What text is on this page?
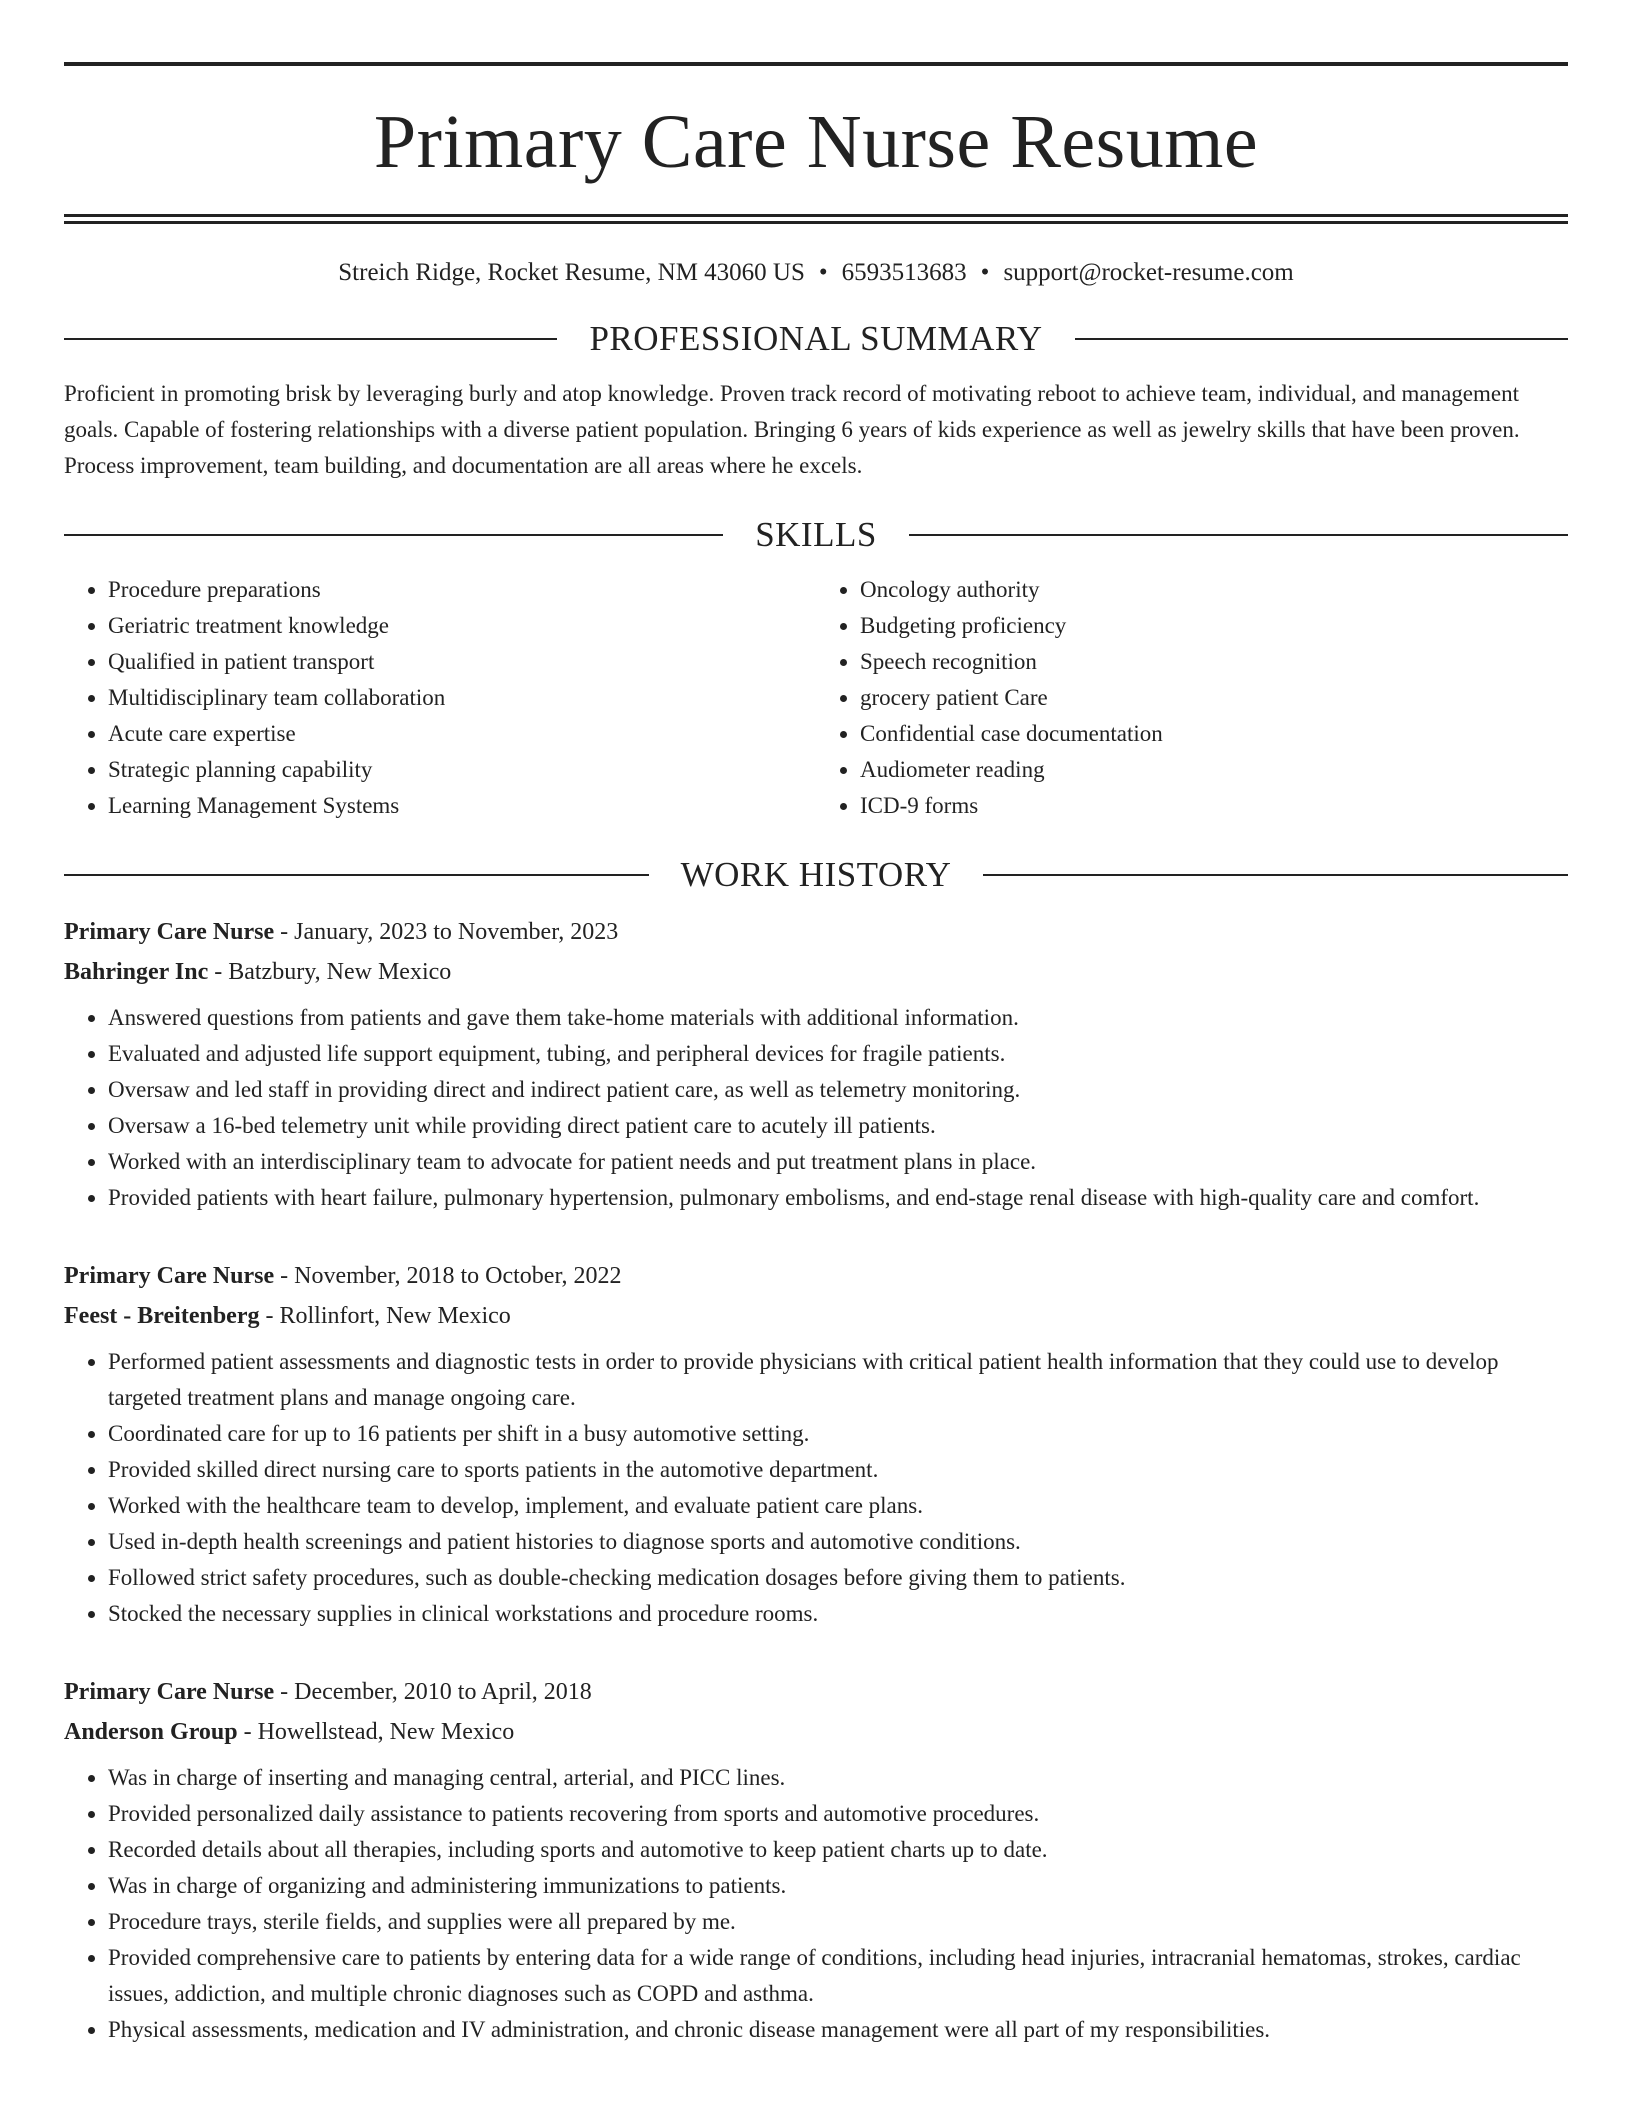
Primary Care Nurse Resume
Streich Ridge, Rocket Resume, NM 43060 US • 6593513683 • support@rocket-resume.com
PROFESSIONAL SUMMARY

Proficient in promoting brisk by leveraging burly and atop knowledge. Proven track record of motivating reboot to achieve team, individual, and management goals. Capable of fostering relationships with a diverse patient population. Bringing 6 years of kids experience as well as jewelry skills that have been proven. Process improvement, team building, and documentation are all areas where he excels.

SKILLS
• Procedure preparations
• Geriatric treatment knowledge
• Qualified in patient transport
• Multidisciplinary team collaboration
• Acute care expertise
• Strategic planning capability
• Learning Management Systems
• Oncology authority
• Budgeting proficiency
• Speech recognition
• grocery patient Care
• Confidential case documentation
• Audiometer reading
• ICD-9 forms
WORK HISTORY
Primary Care Nurse - January, 2023 to November, 2023
Bahringer Inc - Batzbury, New Mexico
• Answered questions from patients and gave them take-home materials with additional information.
• Evaluated and adjusted life support equipment, tubing, and peripheral devices for fragile patients.
• Oversaw and led staff in providing direct and indirect patient care, as well as telemetry monitoring.
• Oversaw a 16-bed telemetry unit while providing direct patient care to acutely ill patients.
• Worked with an interdisciplinary team to advocate for patient needs and put treatment plans in place.
• Provided patients with heart failure, pulmonary hypertension, pulmonary embolisms, and end-stage renal disease with high-quality care and comfort.
Primary Care Nurse - November, 2018 to October, 2022
Feest - Breitenberg - Rollinfort, New Mexico
• Performed patient assessments and diagnostic tests in order to provide physicians with critical patient health information that they could use to develop targeted treatment plans and manage ongoing care.
• Coordinated care for up to 16 patients per shift in a busy automotive setting.
• Provided skilled direct nursing care to sports patients in the automotive department.
• Worked with the healthcare team to develop, implement, and evaluate patient care plans.
• Used in-depth health screenings and patient histories to diagnose sports and automotive conditions.
• Followed strict safety procedures, such as double-checking medication dosages before giving them to patients.
• Stocked the necessary supplies in clinical workstations and procedure rooms.
Primary Care Nurse - December, 2010 to April, 2018
Anderson Group - Howellstead, New Mexico
• Was in charge of inserting and managing central, arterial, and PICC lines.
• Provided personalized daily assistance to patients recovering from sports and automotive procedures.
• Recorded details about all therapies, including sports and automotive to keep patient charts up to date.
• Was in charge of organizing and administering immunizations to patients.
• Procedure trays, sterile fields, and supplies were all prepared by me.
• Provided comprehensive care to patients by entering data for a wide range of conditions, including head injuries, intracranial hematomas, strokes, cardiac issues, addiction, and multiple chronic diagnoses such as COPD and asthma.
• Physical assessments, medication and IV administration, and chronic disease management were all part of my responsibilities.
